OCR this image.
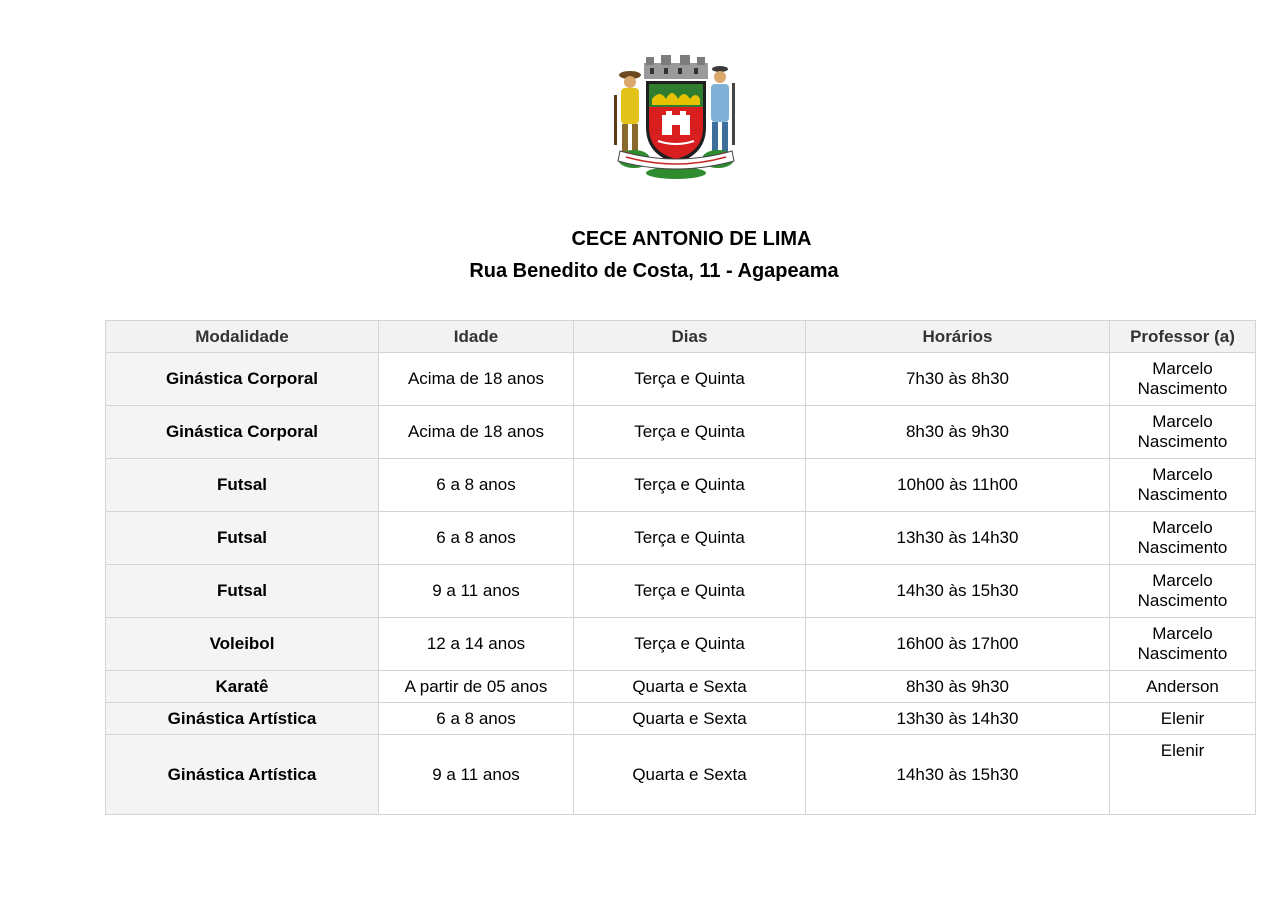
CECE ANTONIO DE LIMA
Rua Benedito de Costa, 11 - Agapeama
Modalidade	Idade	Dias	Horários	Professor (a)
Ginástica Corporal	Acima de 18 anos	Terça e Quinta	7h30 às 8h30	Marcelo Nascimento
Ginástica Corporal	Acima de 18 anos	Terça e Quinta	8h30 às 9h30	Marcelo Nascimento
Futsal	6 a 8 anos	Terça e Quinta	10h00 às 11h00	Marcelo Nascimento
Futsal	6 a 8 anos	Terça e Quinta	13h30 às 14h30	Marcelo Nascimento
Futsal	9 a 11 anos	Terça e Quinta	14h30 às 15h30	Marcelo Nascimento
Voleibol	12 a 14 anos	Terça e Quinta	16h00 às 17h00	Marcelo Nascimento
Karatê	A partir de 05 anos	Quarta e Sexta	8h30 às 9h30	Anderson
Ginástica Artística	6 a 8 anos	Quarta e Sexta	13h30 às 14h30	Elenir
Ginástica Artística	9 a 11 anos	Quarta e Sexta	14h30 às 15h30	Elenir
